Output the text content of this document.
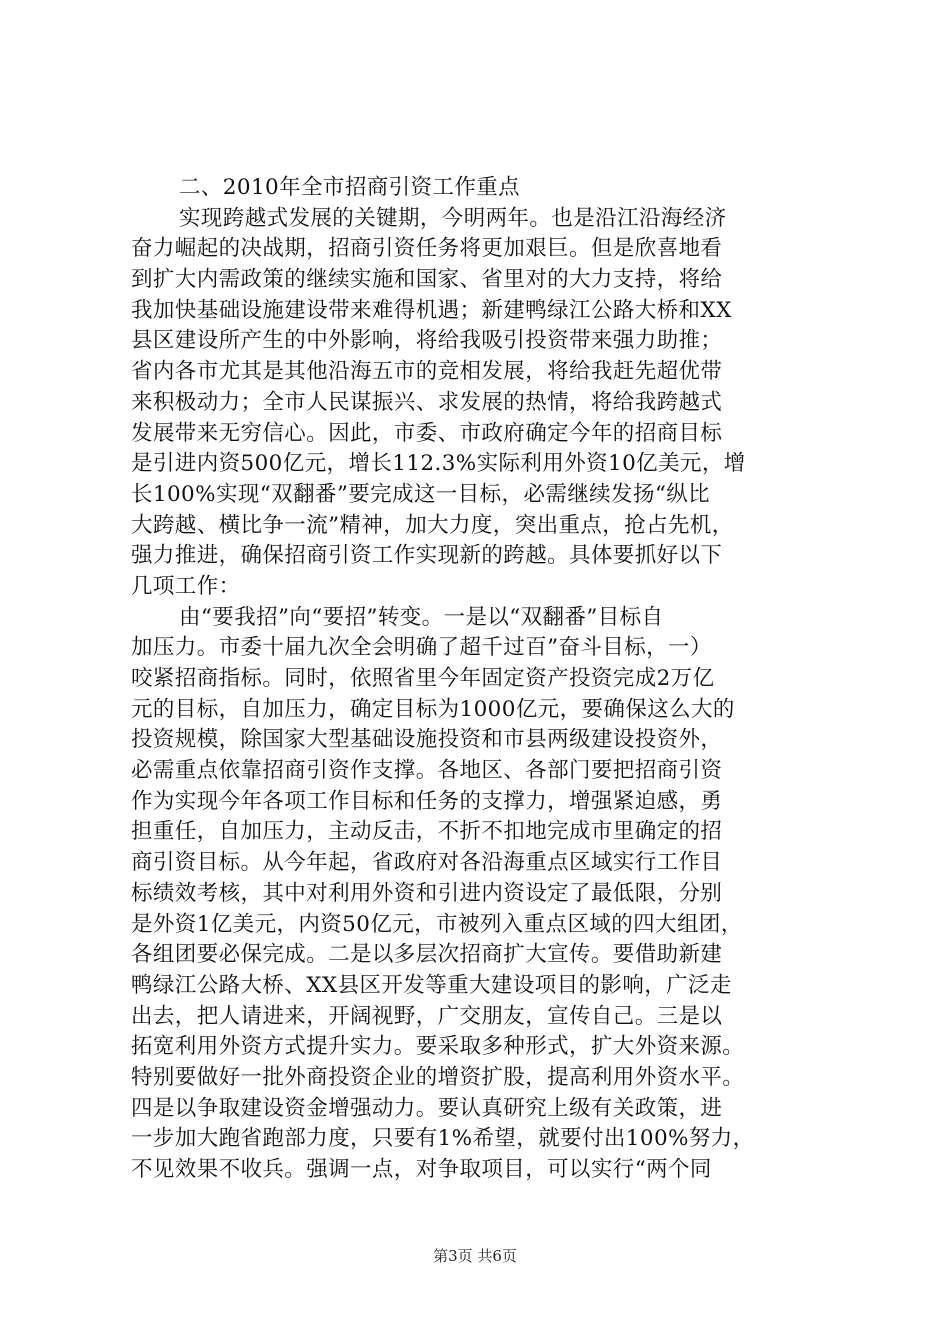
二、2010年全市招商引资工作重点
实现跨越式发展的关键期，今明两年。也是沿江沿海经济
奋力崛起的决战期，招商引资任务将更加艰巨。但是欣喜地看
到扩大内需政策的继续实施和国家、省里对的大力支持，将给
我加快基础设施建设带来难得机遇；新建鸭绿江公路大桥和XX
县区建设所产生的中外影响，将给我吸引投资带来强力助推；
省内各市尤其是其他沿海五市的竞相发展，将给我赶先超优带
来积极动力；全市人民谋振兴、求发展的热情，将给我跨越式
发展带来无穷信心。因此，市委、市政府确定今年的招商目标
是引进内资500亿元，增长112.3%实际利用外资10亿美元，增
长100%实现“双翻番”要完成这一目标，必需继续发扬“纵比
大跨越、横比争一流”精神，加大力度，突出重点，抢占先机，
强力推进，确保招商引资工作实现新的跨越。具体要抓好以下
几项工作：
由“要我招”向“要招”转变。一是以“双翻番”目标自
加压力。市委十届九次全会明确了超千过百”奋斗目标，一）
咬紧招商指标。同时，依照省里今年固定资产投资完成2万亿
元的目标，自加压力，确定目标为1000亿元，要确保这么大的
投资规模，除国家大型基础设施投资和市县两级建设投资外，
必需重点依靠招商引资作支撑。各地区、各部门要把招商引资
作为实现今年各项工作目标和任务的支撑力，增强紧迫感，勇
担重任，自加压力，主动反击，不折不扣地完成市里确定的招
商引资目标。从今年起，省政府对各沿海重点区域实行工作目
标绩效考核，其中对利用外资和引进内资设定了最低限，分别
是外资1亿美元，内资50亿元，市被列入重点区域的四大组团，
各组团要必保完成。二是以多层次招商扩大宣传。要借助新建
鸭绿江公路大桥、XX县区开发等重大建设项目的影响，广泛走
出去，把人请进来，开阔视野，广交朋友，宣传自己。三是以
拓宽利用外资方式提升实力。要采取多种形式，扩大外资来源。
特别要做好一批外商投资企业的增资扩股，提高利用外资水平。
四是以争取建设资金增强动力。要认真研究上级有关政策，进
一步加大跑省跑部力度，只要有1%希望，就要付出100%努力，
不见效果不收兵。强调一点，对争取项目，可以实行“两个同
第3页 共6页
